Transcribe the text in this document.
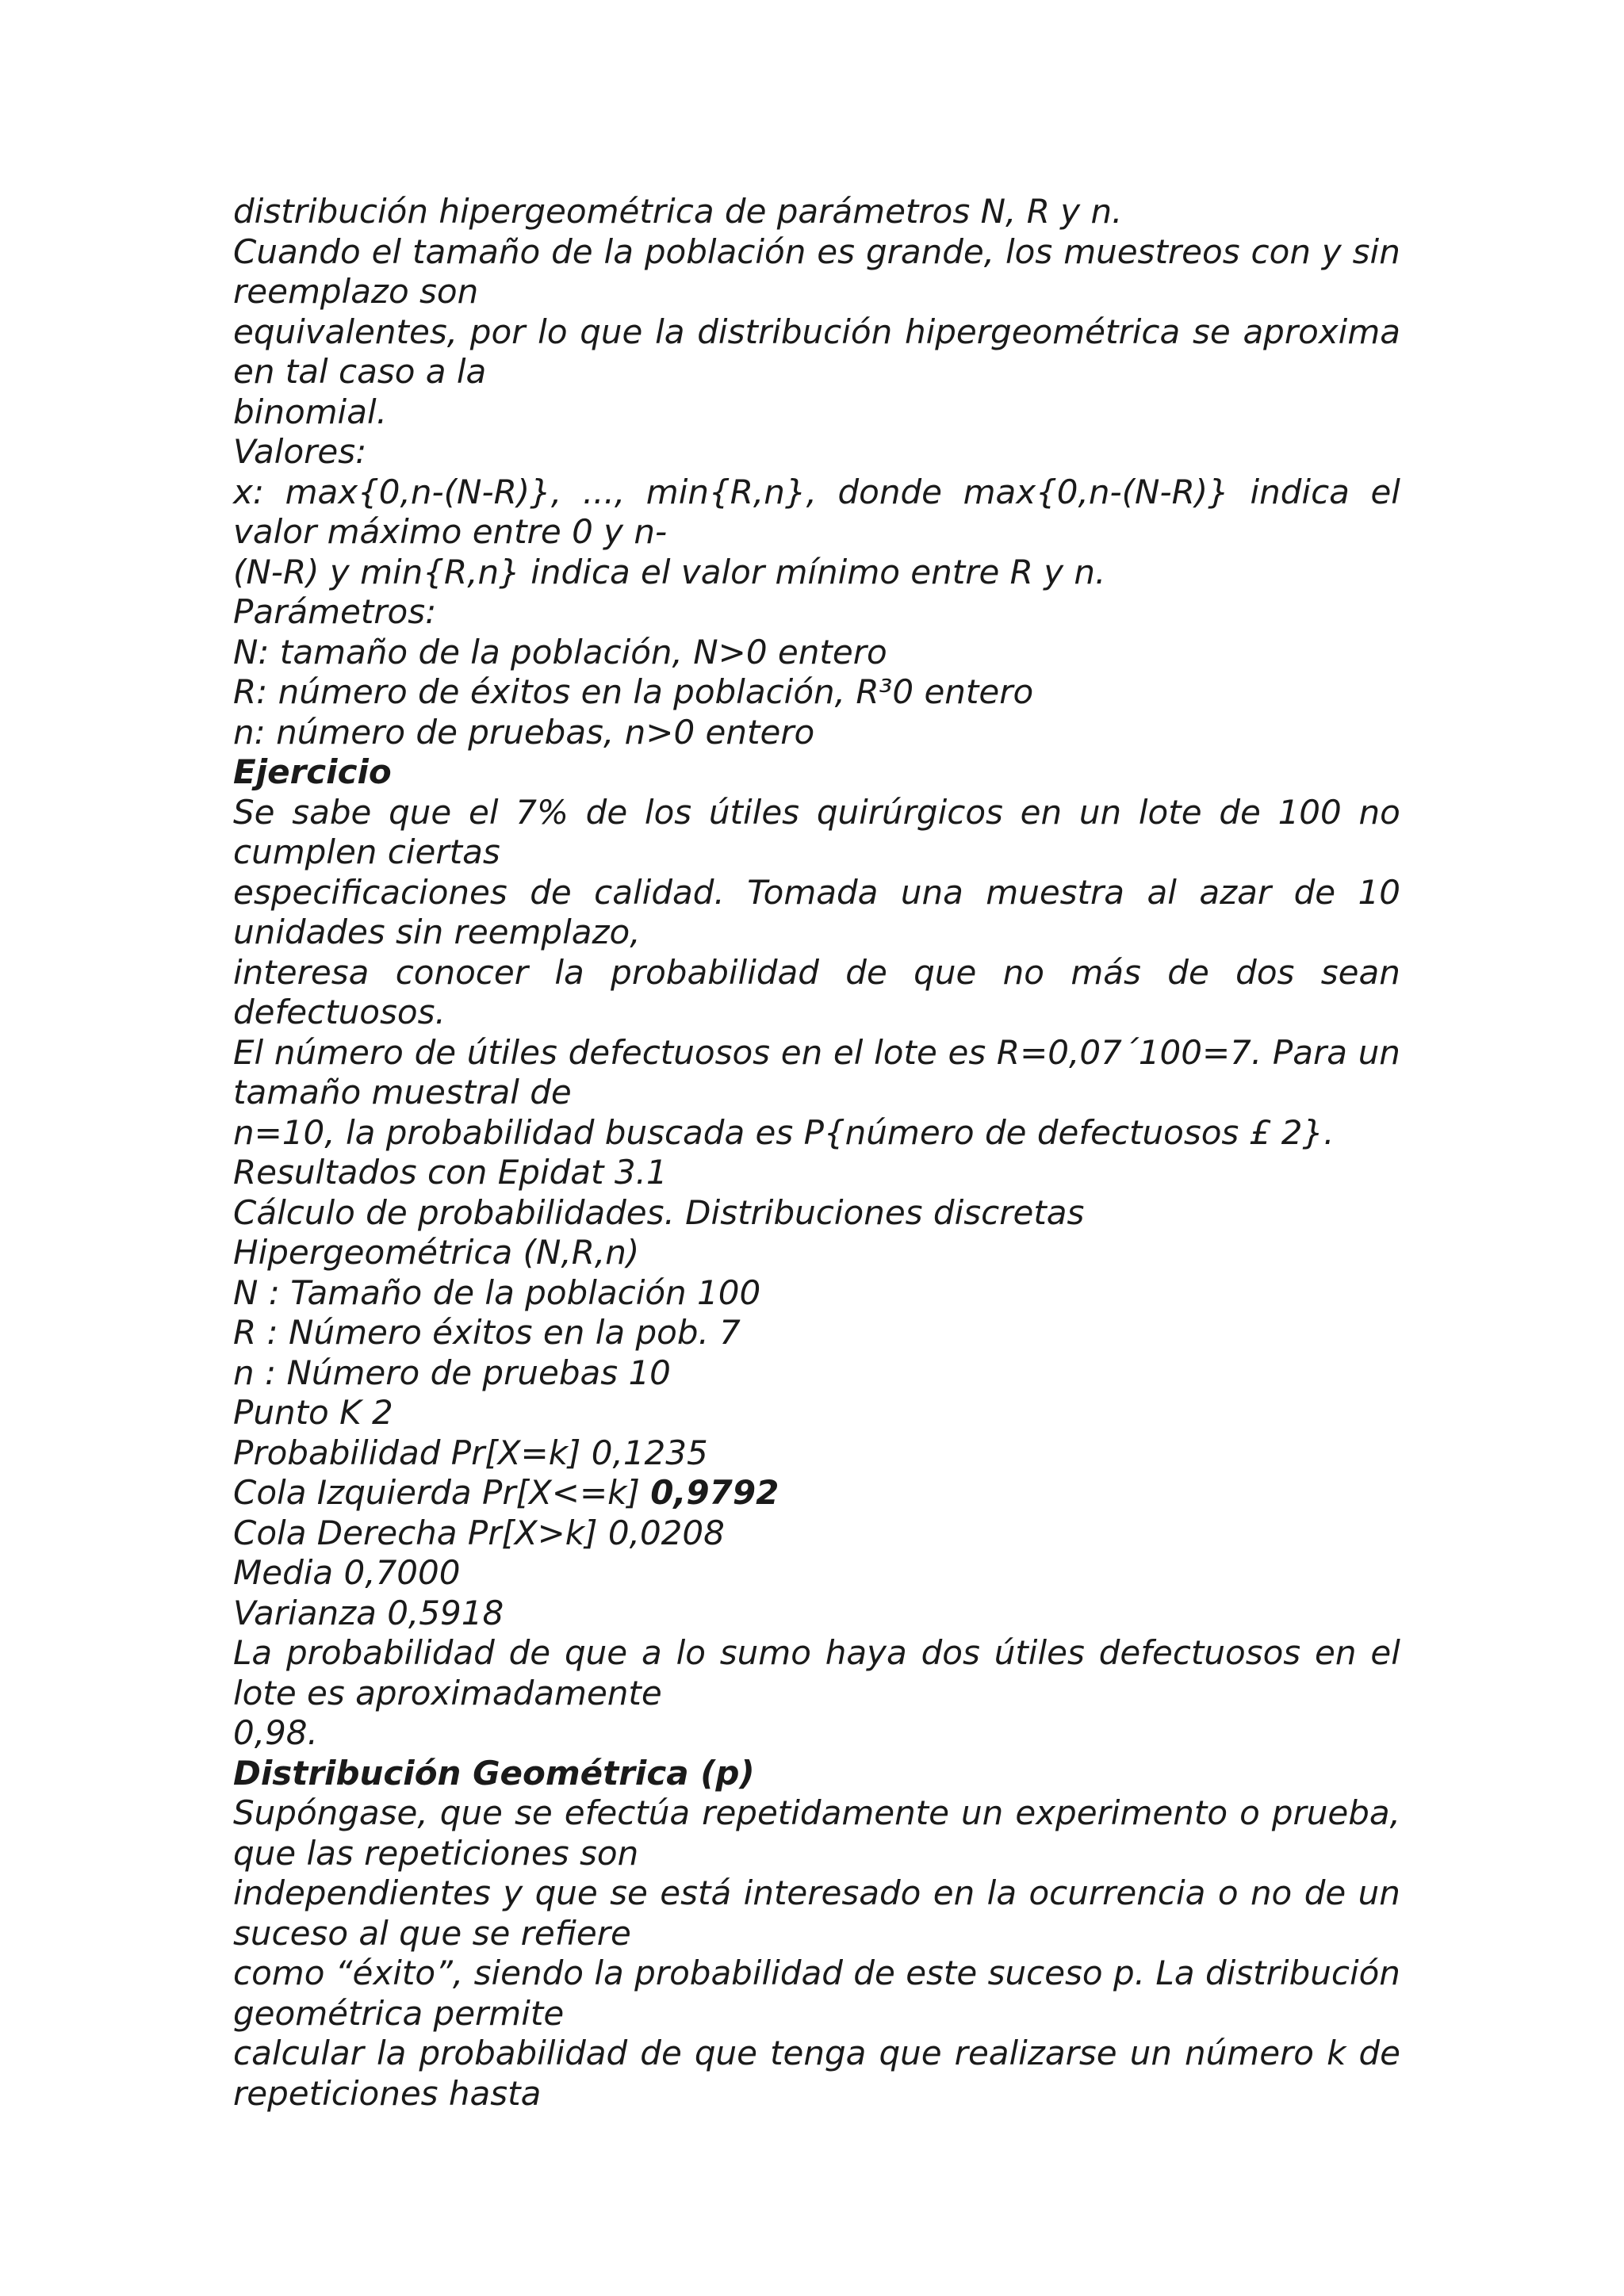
distribución hipergeométrica de parámetros N, R y n.
Cuando el tamaño de la población es grande, los muestreos con y sin
reemplazo son
equivalentes, por lo que la distribución hipergeométrica se aproxima
en tal caso a la
binomial.
Valores:
x: max{0,n-(N-R)}, ..., min{R,n}, donde max{0,n-(N-R)} indica el
valor máximo entre 0 y n-
(N-R) y min{R,n} indica el valor mínimo entre R y n.
Parámetros:
N: tamaño de la población, N>0 entero
R: número de éxitos en la población, R³0 entero
n: número de pruebas, n>0 entero
Ejercicio
Se sabe que el 7% de los útiles quirúrgicos en un lote de 100 no
cumplen ciertas
especificaciones de calidad. Tomada una muestra al azar de 10
unidades sin reemplazo,
interesa conocer la probabilidad de que no más de dos sean
defectuosos.
El número de útiles defectuosos en el lote es R=0,07´100=7. Para un
tamaño muestral de
n=10, la probabilidad buscada es P{número de defectuosos £ 2}.
Resultados con Epidat 3.1
Cálculo de probabilidades. Distribuciones discretas
Hipergeométrica (N,R,n)
N : Tamaño de la población 100
R : Número éxitos en la pob. 7
n : Número de pruebas 10
Punto K 2
Probabilidad Pr[X=k] 0,1235
Cola Izquierda Pr[X<=k] 0,9792
Cola Derecha Pr[X>k] 0,0208
Media 0,7000
Varianza 0,5918
La probabilidad de que a lo sumo haya dos útiles defectuosos en el
lote es aproximadamente
0,98.
Distribución Geométrica (p)
Supóngase, que se efectúa repetidamente un experimento o prueba,
que las repeticiones son
independientes y que se está interesado en la ocurrencia o no de un
suceso al que se refiere
como “éxito”, siendo la probabilidad de este suceso p. La distribución
geométrica permite
calcular la probabilidad de que tenga que realizarse un número k de
repeticiones hasta
